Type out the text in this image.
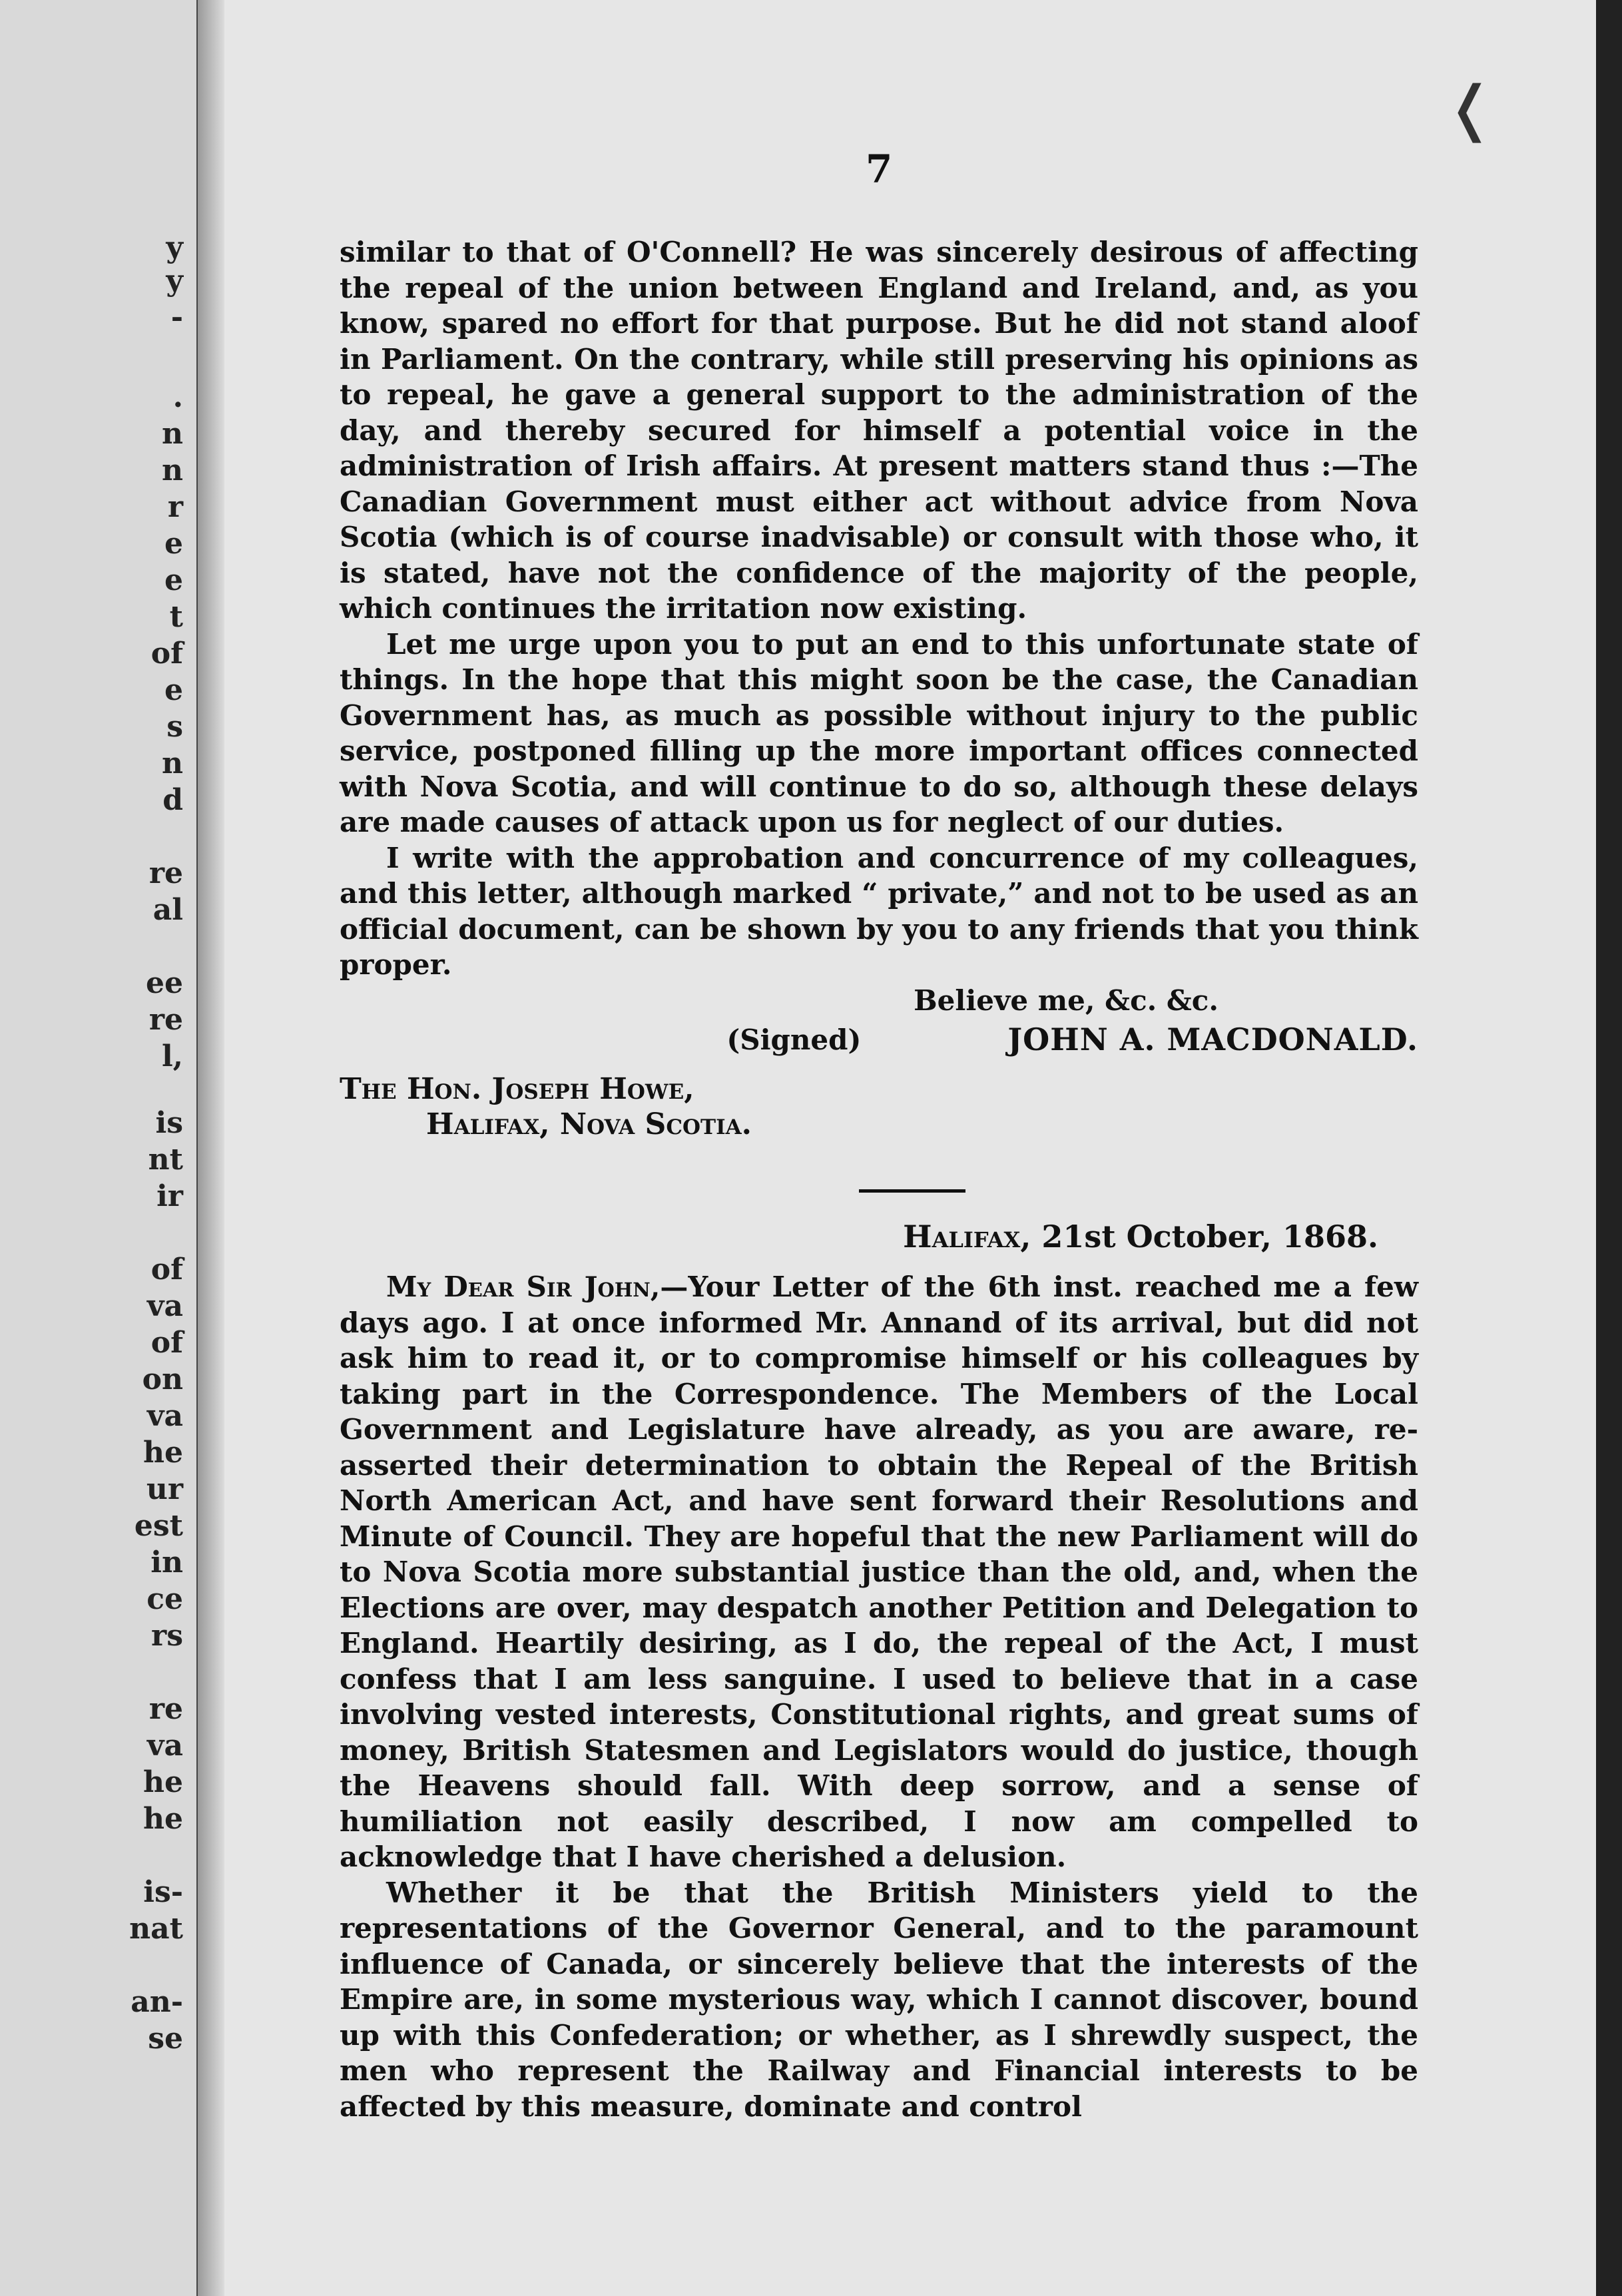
y
y
-
.
n
n
r
e
e
t
of
e
s
n
d
re
al
ee
re
l,
is
nt
ir
of
va
of
on
va
he
ur
est
in
ce
rs
re
va
he
he
is-
nat
an-
se
❬
7

similar to that of O'Connell? He was sincerely desirous of affecting the repeal of the union between England and Ireland, and, as you know, spared no effort for that purpose. But he did not stand aloof in Parliament. On the contrary, while still preserving his opinions as to repeal, he gave a general support to the administration of the day, and thereby secured for himself a potential voice in the administration of Irish affairs. At present matters stand thus :—The Canadian Government must either act without advice from Nova Scotia (which is of course inadvisable) or consult with those who, it is stated, have not the confidence of the majority of the people, which continues the irritation now existing.

Let me urge upon you to put an end to this unfortunate state of things. In the hope that this might soon be the case, the Canadian Government has, as much as possible without injury to the public service, postponed filling up the more important offices connected with Nova Scotia, and will continue to do so, although these delays are made causes of attack upon us for neglect of our duties.

I write with the approbation and concurrence of my colleagues, and this letter, although marked “ private,” and not to be used as an official document, can be shown by you to any friends that you think proper.

Believe me, &c. &c.

(Signed)	JOHN A. MACDONALD.
The Hon. Joseph Howe,
Halifax, Nova Scotia.
Halifax, 21st October, 1868.

My Dear Sir John,—Your Letter of the 6th inst. reached me a few days ago. I at once informed Mr. Annand of its arrival, but did not ask him to read it, or to compromise himself or his colleagues by taking part in the Correspondence. The Members of the Local Government and Legislature have already, as you are aware, re-asserted their determination to obtain the Repeal of the British North American Act, and have sent forward their Resolutions and Minute of Council. They are hopeful that the new Parliament will do to Nova Scotia more substantial justice than the old, and, when the Elections are over, may despatch another Petition and Delegation to England. Heartily desiring, as I do, the repeal of the Act, I must confess that I am less sanguine. I used to believe that in a case involving vested interests, Constitutional rights, and great sums of money, British Statesmen and Legislators would do justice, though the Heavens should fall. With deep sorrow, and a sense of humiliation not easily described, I now am compelled to acknowledge that I have cherished a delusion.

Whether it be that the British Ministers yield to the representations of the Governor General, and to the paramount influence of Canada, or sincerely believe that the interests of the Empire are, in some mysterious way, which I cannot discover, bound up with this Confederation; or whether, as I shrewdly suspect, the men who represent the Railway and Financial interests to be affected by this measure, dominate and control
